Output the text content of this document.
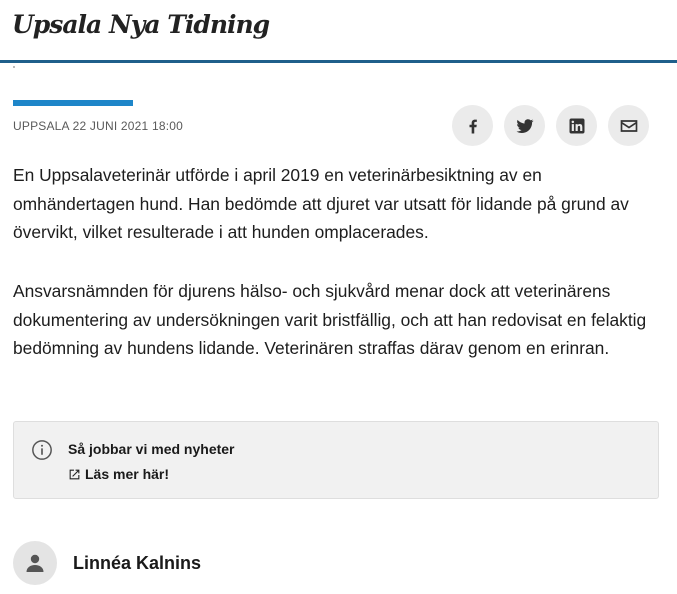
Upsala Nya Tidning
UPPSALA 22 JUNI 2021 18:00

En Uppsalaveterinär utförde i april 2019 en veterinärbesiktning av en omhändertagen hund. Han bedömde att djuret var utsatt för lidande på grund av övervikt, vilket resulterade i att hunden omplacerades.

Ansvarsnämnden för djurens hälso- och sjukvård menar dock att veterinärens dokumentering av undersökningen varit bristfällig, och att han redovisat en felaktig bedömning av hundens lidande. Veterinären straffas därav genom en erinran.

Så jobbar vi med nyheter
Läs mer här!
Linnéa Kalnins
